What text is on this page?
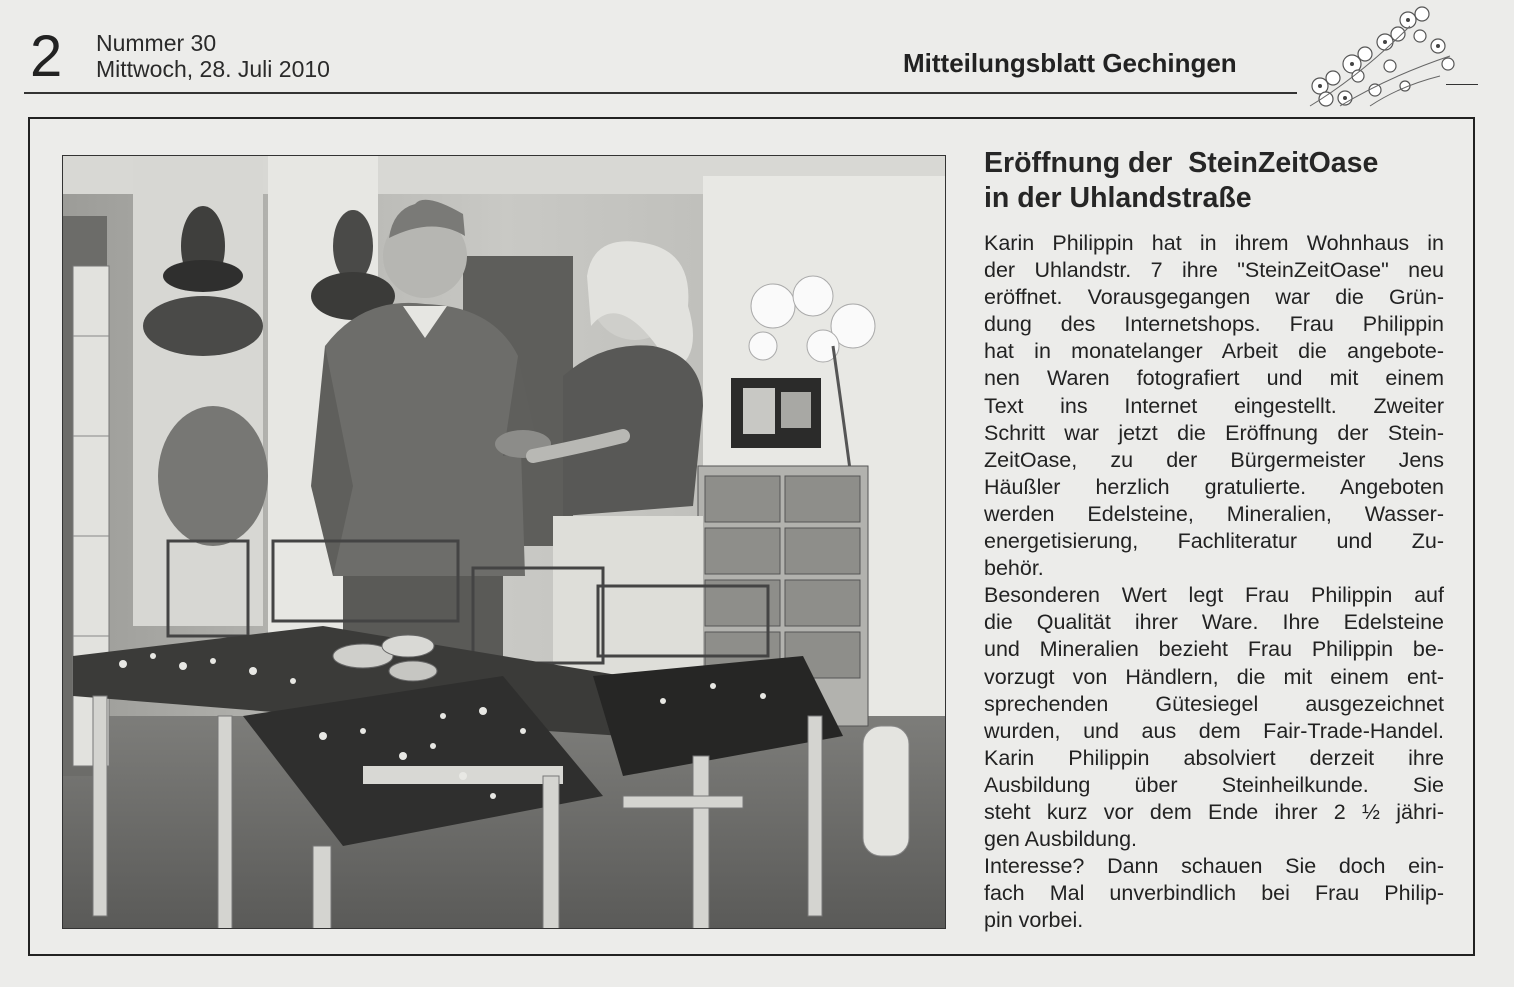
2 Nummer 30
Mittwoch, 28. Juli 2010	Mitteilungsblatt Gechingen
Eröffnung der  SteinZeitOase
in der Uhlandstraße

Karin Philippin hat in ihrem Wohnhaus in
der Uhlandstr. 7 ihre "SteinZeitOase" neu
eröffnet. Vorausgegangen war die Grün-
dung des Internetshops. Frau Philippin
hat in monatelanger Arbeit die angebote-
nen Waren fotografiert und mit einem
Text ins Internet eingestellt. Zweiter
Schritt war jetzt die Eröffnung der Stein-
ZeitOase, zu der Bürgermeister Jens
Häußler herzlich gratulierte. Angeboten
werden Edelsteine, Mineralien, Wasser-
energetisierung, Fachliteratur und Zu-
behör.

Besonderen Wert legt Frau Philippin auf
die Qualität ihrer Ware. Ihre Edelsteine
und Mineralien bezieht Frau Philippin be-
vorzugt von Händlern, die mit einem ent-
sprechenden Gütesiegel ausgezeichnet
wurden, und aus dem Fair-Trade-Handel.
Karin Philippin absolviert derzeit ihre
Ausbildung über Steinheilkunde. Sie
steht kurz vor dem Ende ihrer 2 ½ jähri-
gen Ausbildung.

Interesse? Dann schauen Sie doch ein-
fach Mal unverbindlich bei Frau Philip-
pin vorbei.
